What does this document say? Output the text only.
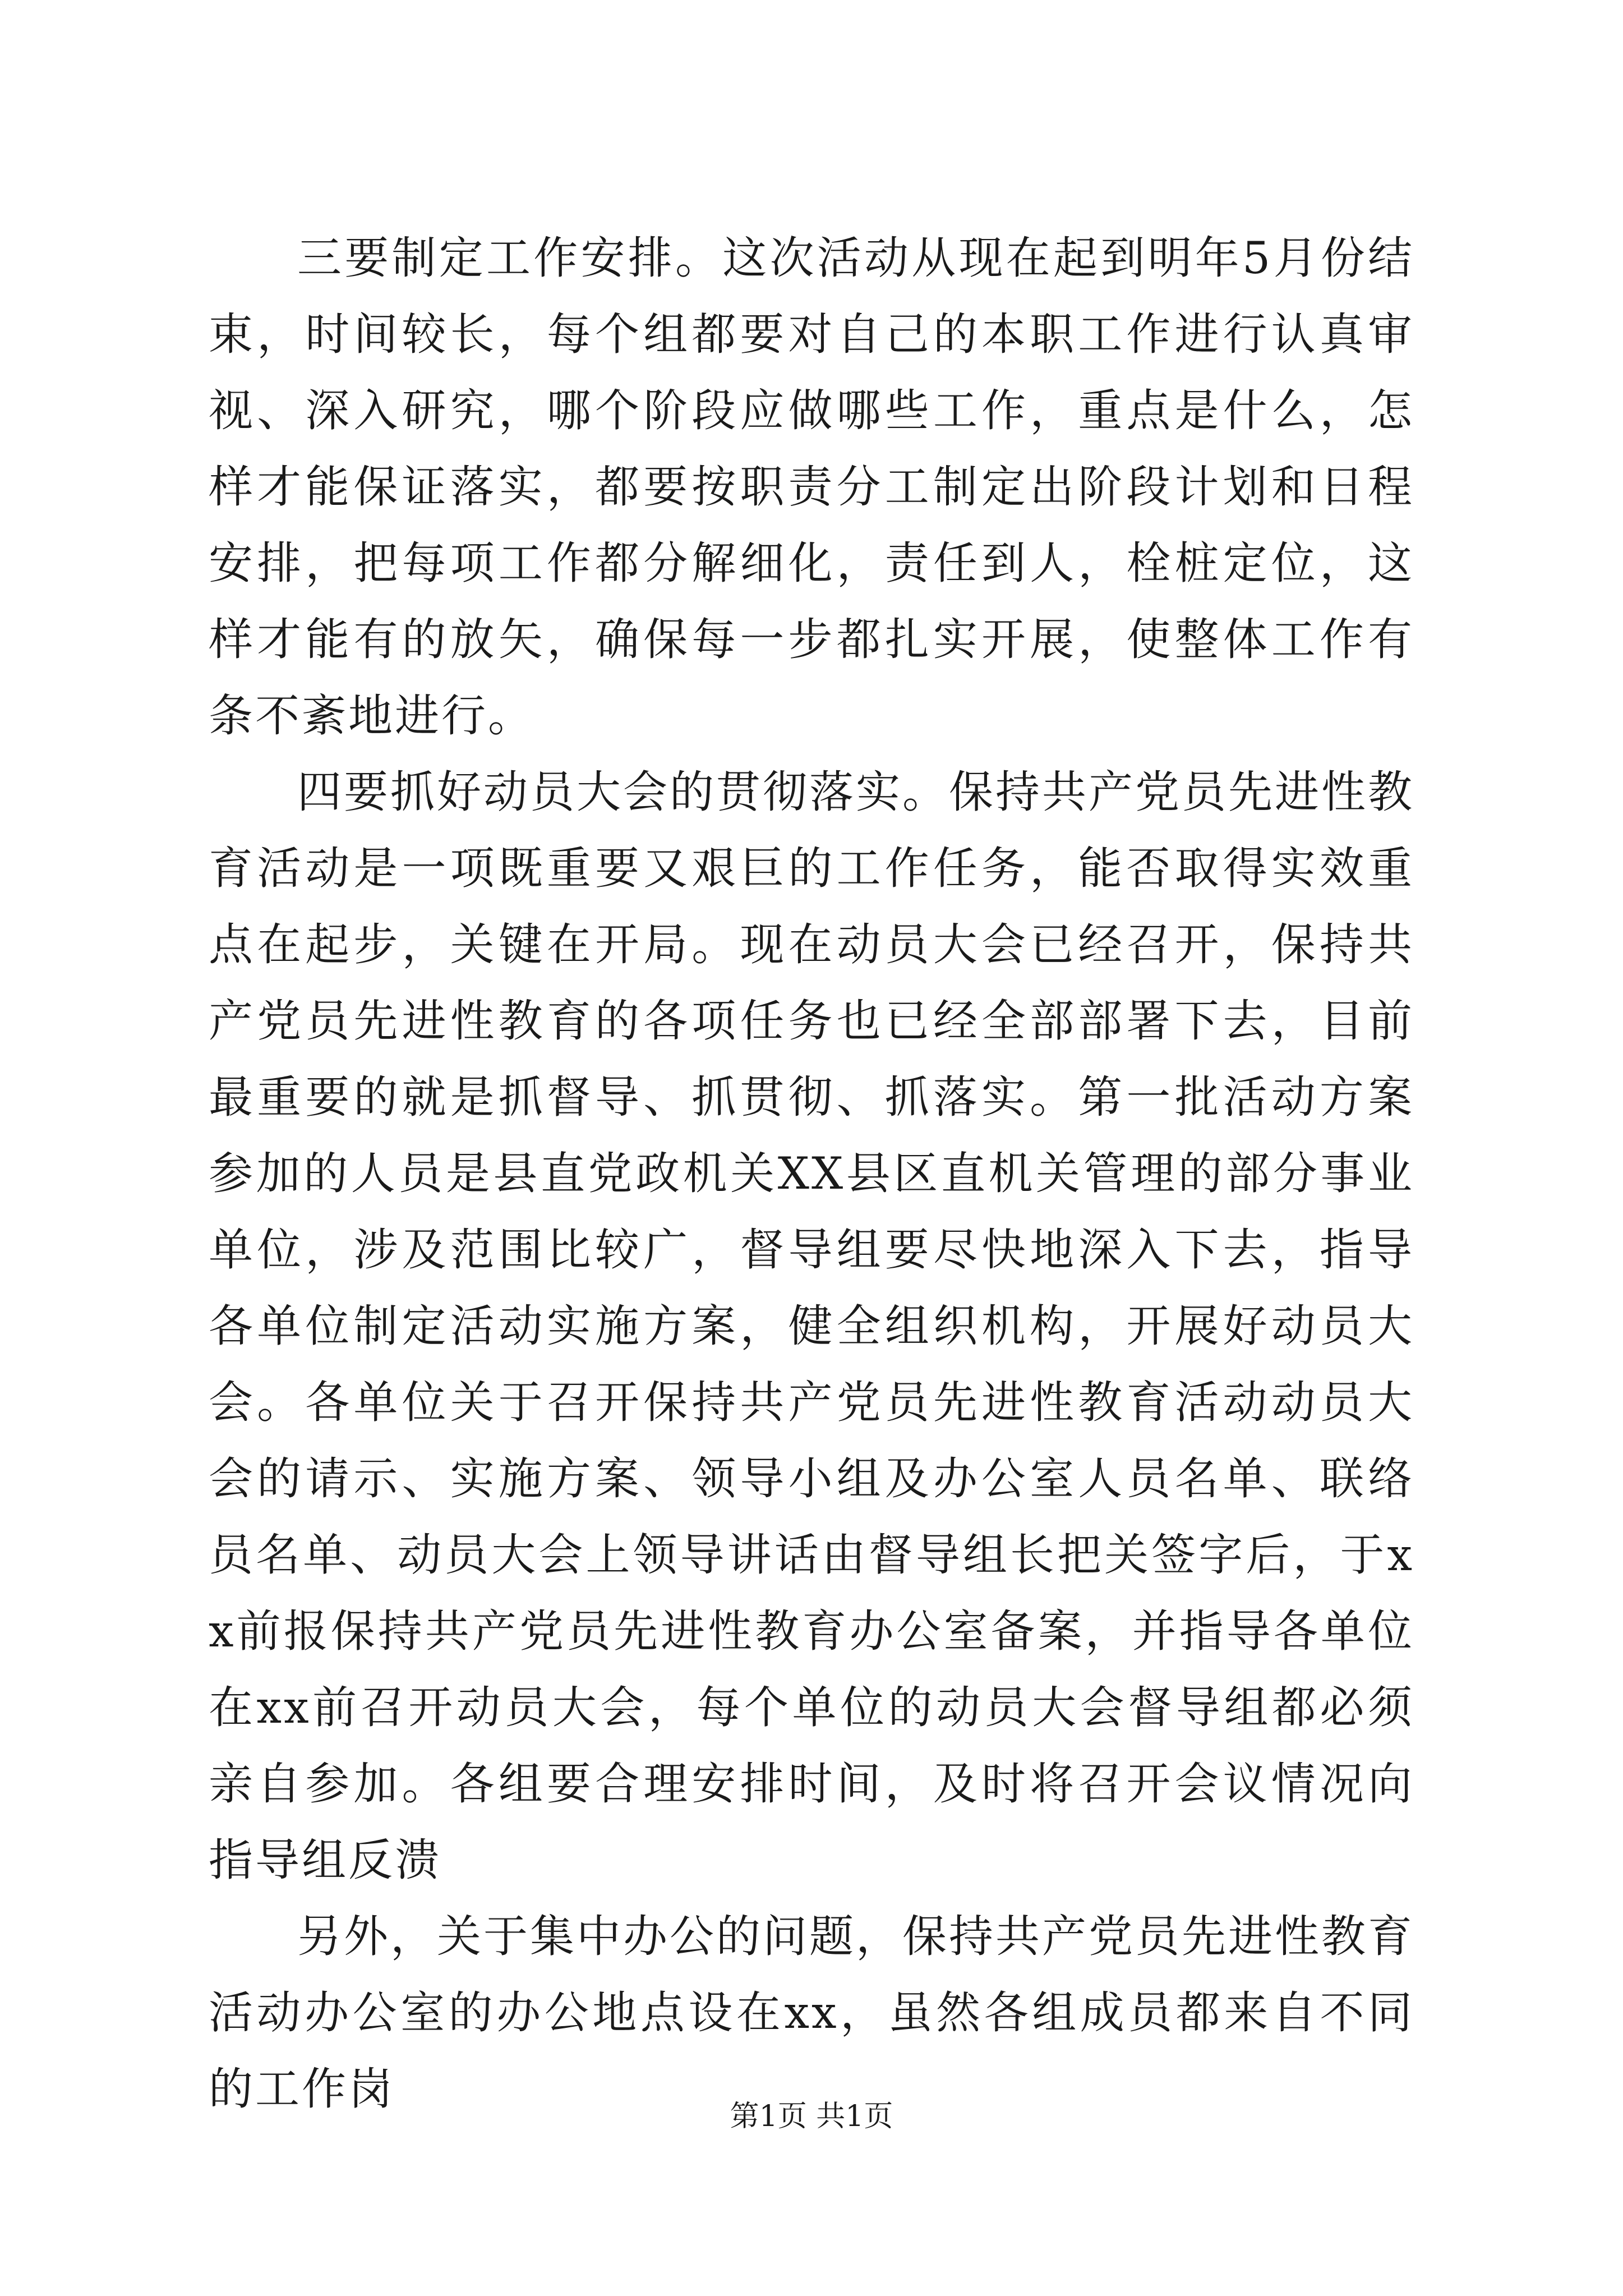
三要制定工作安排。这次活动从现在起到明年5月份结束，时间较长，每个组都要对自己的本职工作进行认真审视、深入研究，哪个阶段应做哪些工作，重点是什么，怎样才能保证落实，都要按职责分工制定出阶段计划和日程安排，把每项工作都分解细化，责任到人，栓桩定位，这样才能有的放矢，确保每一步都扎实开展，使整体工作有条不紊地进行。

四要抓好动员大会的贯彻落实。保持共产党员先进性教育活动是一项既重要又艰巨的工作任务，能否取得实效重点在起步，关键在开局。现在动员大会已经召开，保持共产党员先进性教育的各项任务也已经全部部署下去，目前最重要的就是抓督导、抓贯彻、抓落实。第一批活动方案参加的人员是县直党政机关XX县区直机关管理的部分事业单位，涉及范围比较广，督导组要尽快地深入下去，指导各单位制定活动实施方案，健全组织机构，开展好动员大会。各单位关于召开保持共产党员先进性教育活动动员大会的请示、实施方案、领导小组及办公室人员名单、联络员名单、动员大会上领导讲话由督导组长把关签字后，于xx前报保持共产党员先进性教育办公室备案，并指导各单位在xx前召开动员大会，每个单位的动员大会督导组都必须亲自参加。各组要合理安排时间，及时将召开会议情况向指导组反溃

另外，关于集中办公的问题，保持共产党员先进性教育活动办公室的办公地点设在xx，虽然各组成员都来自不同的工作岗

第1页 共1页
